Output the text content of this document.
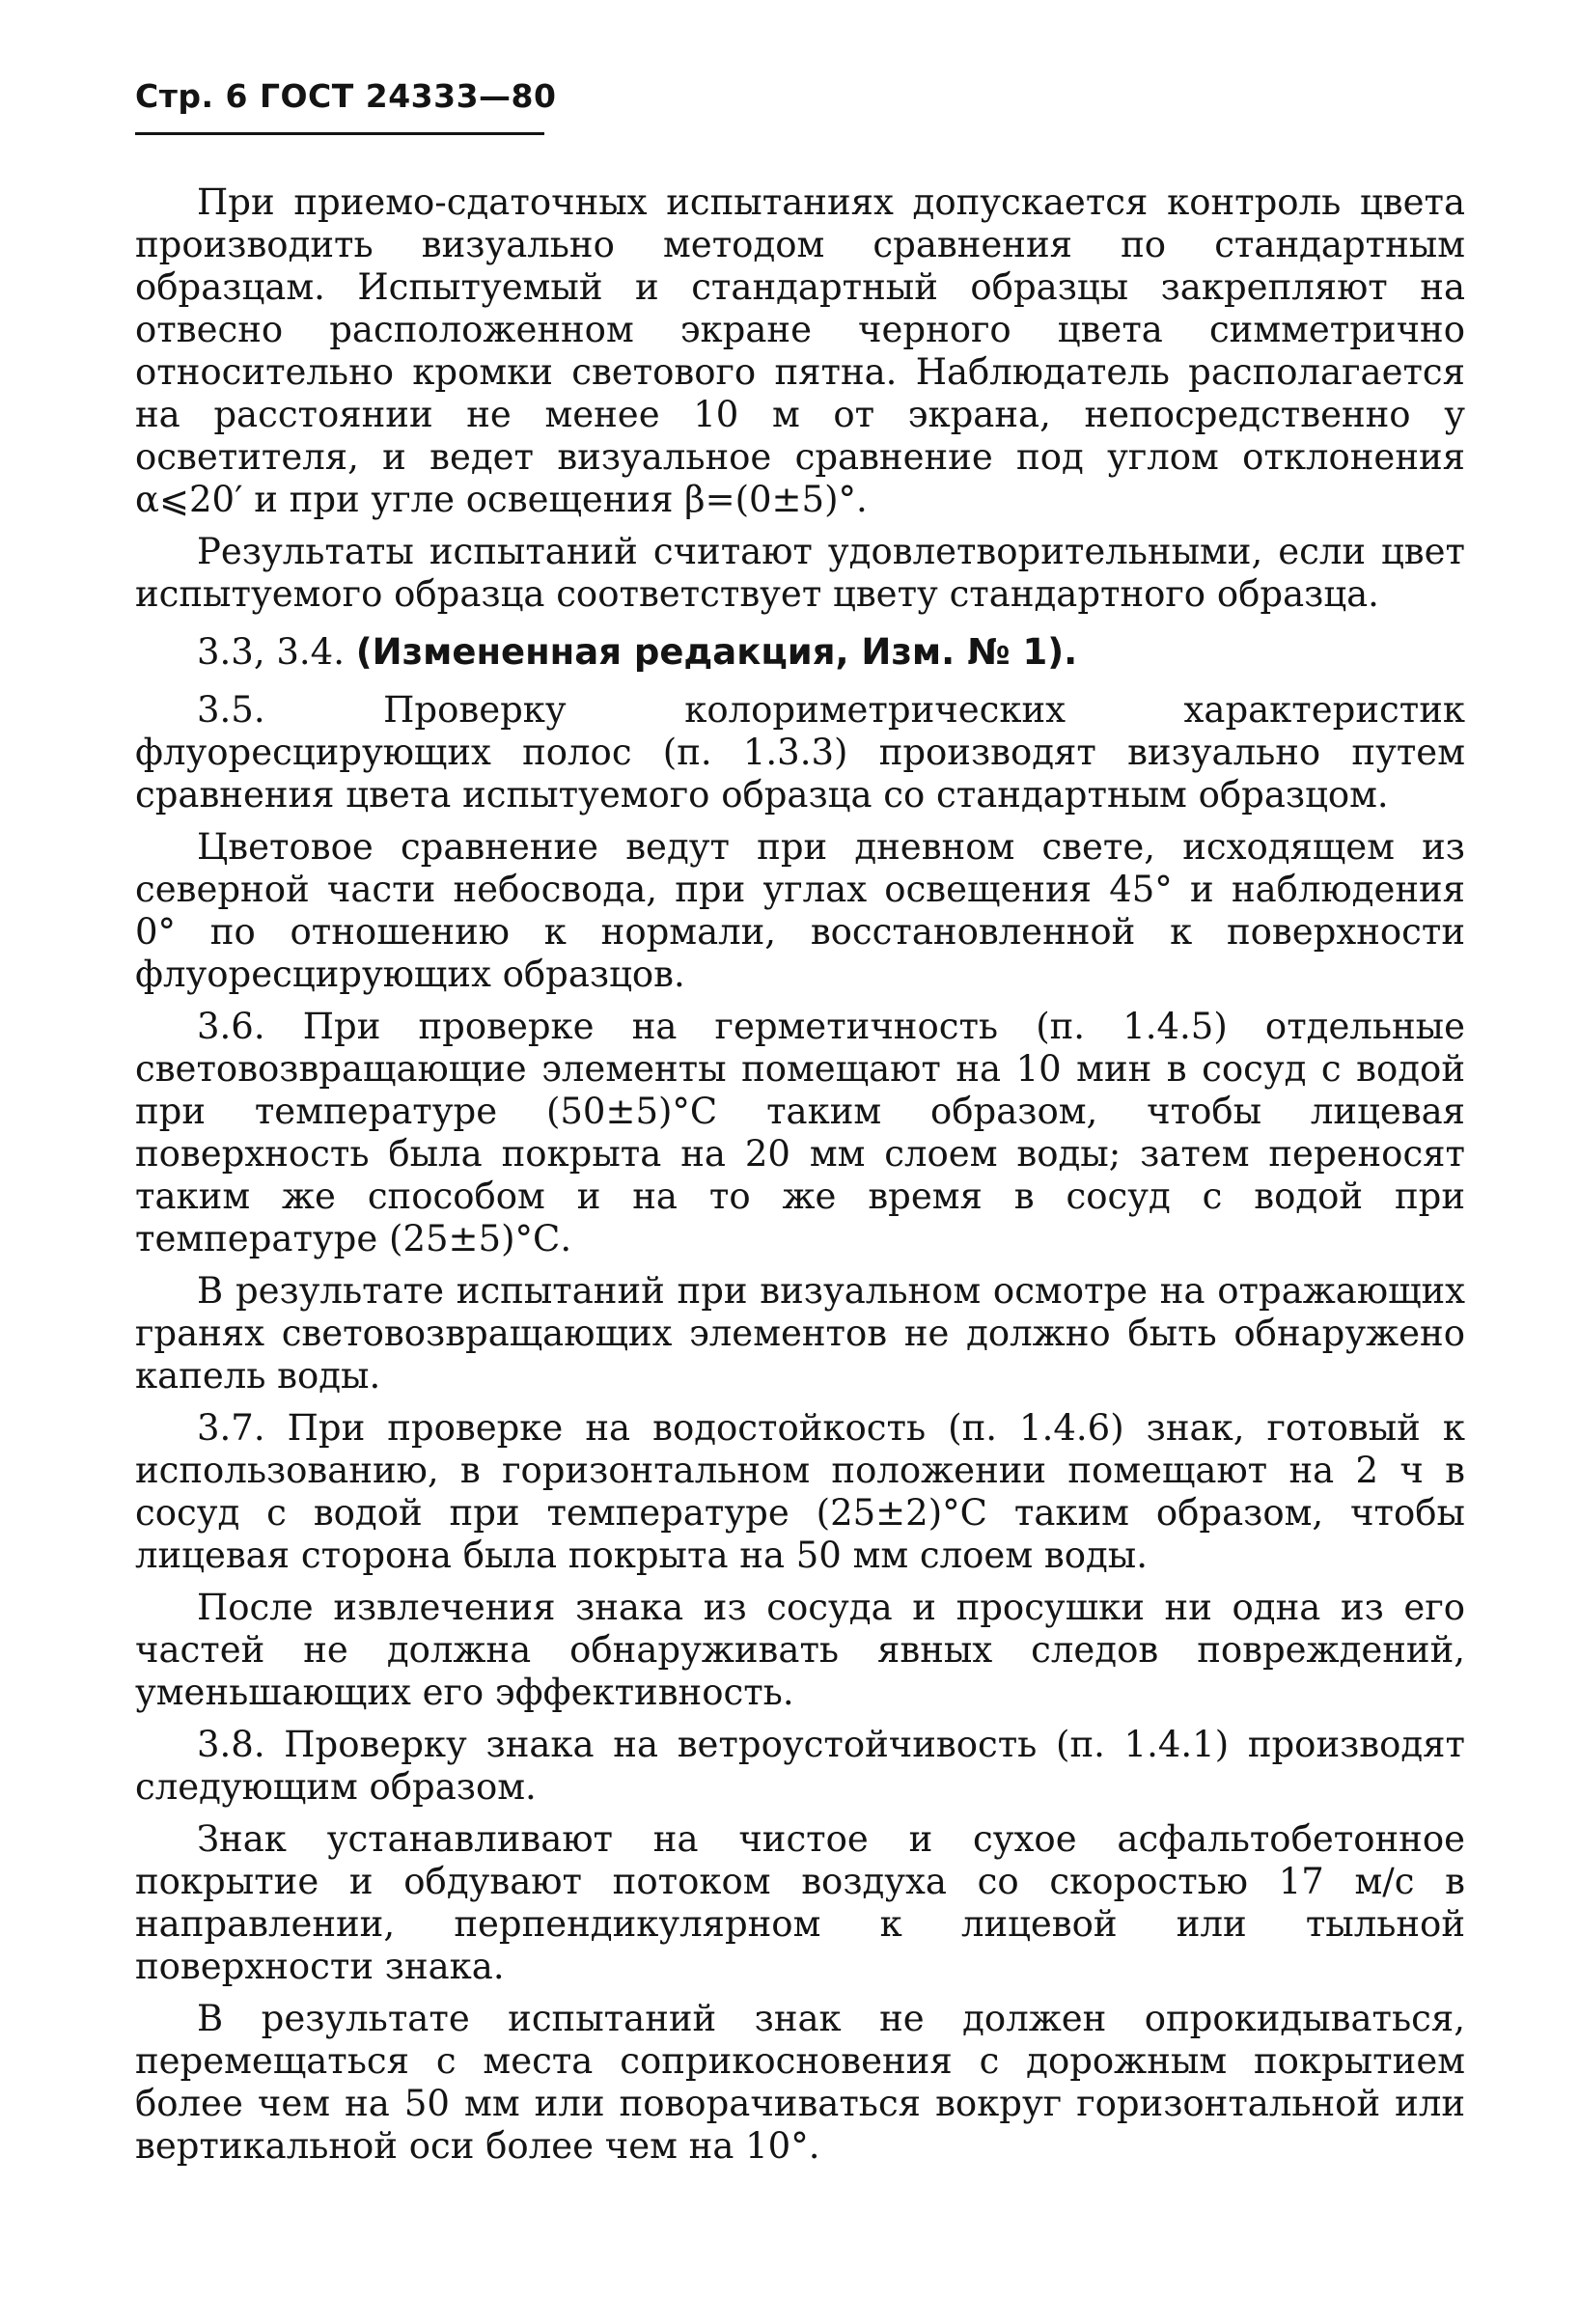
Стр. 6 ГОСТ 24333—80

При приемо-сдаточных испытаниях допускается контроль цвета производить визуально методом сравнения по стандартным образцам. Испытуемый и стандартный образцы закрепляют на отвесно расположенном экране черного цвета симметрично относительно кромки светового пятна. Наблюдатель располагается на расстоянии не менее 10 м от экрана, непосредственно у осветителя, и ведет визуальное сравнение под углом отклонения α⩽20′ и при угле освещения β=(0±5)°.

Результаты испытаний считают удовлетворительными, если цвет испытуемого образца соответствует цвету стандартного образца.

3.3, 3.4. (Измененная редакция, Изм. № 1).

3.5. Проверку колориметрических характеристик флуоресцирующих полос (п. 1.3.3) производят визуально путем сравнения цвета испытуемого образца со стандартным образцом.

Цветовое сравнение ведут при дневном свете, исходящем из северной части небосвода, при углах освещения 45° и наблюдения 0° по отношению к нормали, восстановленной к поверхности флуоресцирующих образцов.

3.6. При проверке на герметичность (п. 1.4.5) отдельные световозвращающие элементы помещают на 10 мин в сосуд с водой при температуре (50±5)°С таким образом, чтобы лицевая поверхность была покрыта на 20 мм слоем воды; затем переносят таким же способом и на то же время в сосуд с водой при температуре (25±5)°С.

В результате испытаний при визуальном осмотре на отражающих гранях световозвращающих элементов не должно быть обнаружено капель воды.

3.7. При проверке на водостойкость (п. 1.4.6) знак, готовый к использованию, в горизонтальном положении помещают на 2 ч в сосуд с водой при температуре (25±2)°С таким образом, чтобы лицевая сторона была покрыта на 50 мм слоем воды.

После извлечения знака из сосуда и просушки ни одна из его частей не должна обнаруживать явных следов повреждений, уменьшающих его эффективность.

3.8. Проверку знака на ветроустойчивость (п. 1.4.1) производят следующим образом.

Знак устанавливают на чистое и сухое асфальтобетонное покрытие и обдувают потоком воздуха со скоростью 17 м/с в направлении, перпендикулярном к лицевой или тыльной поверхности знака.

В результате испытаний знак не должен опрокидываться, перемещаться с места соприкосновения с дорожным покрытием более чем на 50 мм или поворачиваться вокруг горизонтальной или вертикальной оси более чем на 10°.
